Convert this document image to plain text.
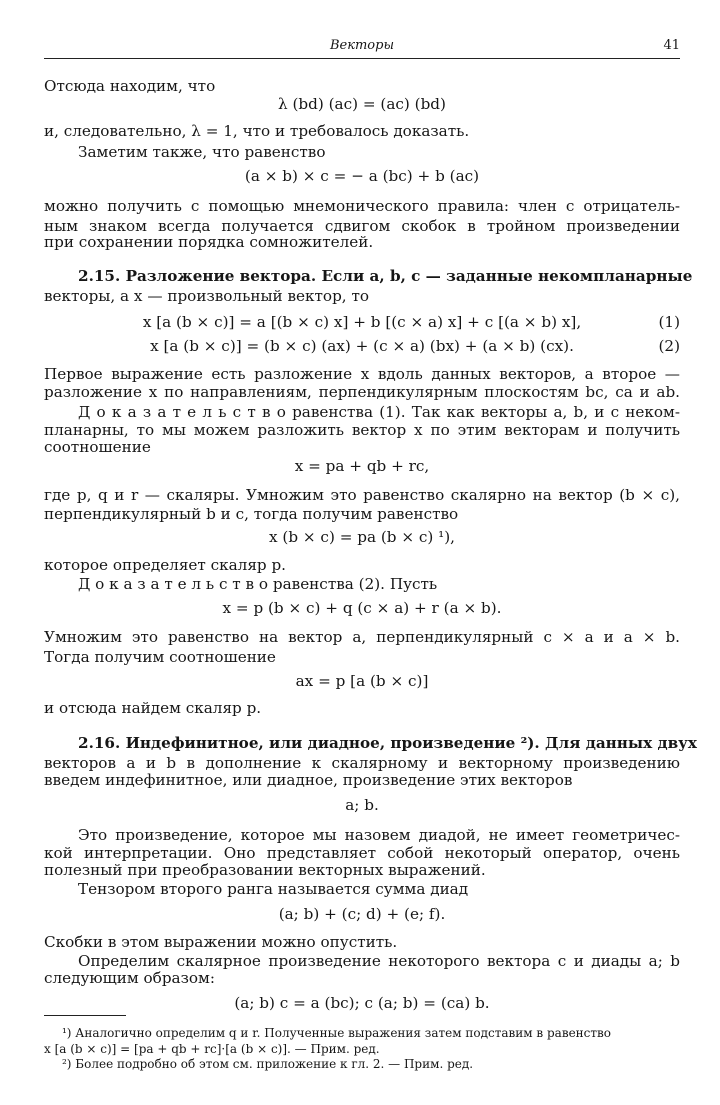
Векторы	41
Отсюда находим, что
λ (bd) (ac) = (ac) (bd)
и, следовательно, λ = 1, что и требовалось доказать.
Заметим также, что равенство
(a × b) × c = − a (bc) + b (ac)
можно получить с помощью мнемонического правила: член с отрицатель-
ным знаком всегда получается сдвигом скобок в тройном произведении
при сохранении порядка сомножителей.
2.15. Разложение вектора. Если a, b, c — заданные некомпланарные
векторы, а x — произвольный вектор, то
x [a (b × c)] = a [(b × c) x] + b [(c × a) x] + c [(a × b) x],	(1)
x [a (b × c)] = (b × c) (ax) + (c × a) (bx) + (a × b) (cx).	(2)
Первое выражение есть разложение x вдоль данных векторов, а второе —
разложение x по направлениям, перпендикулярным плоскостям bc, ca и ab.
Д о к а з а т е л ь с т в о равенства (1). Так как векторы a, b, и c неком-
планарны, то мы можем разложить вектор x по этим векторам и получить
соотношение
x = pa + qb + rc,
где p, q и r — скаляры. Умножим это равенство скалярно на вектор (b × c),
перпендикулярный b и c, тогда получим равенство
x (b × c) = pa (b × c) ¹),
которое определяет скаляр p.
Д о к а з а т е л ь с т в о равенства (2). Пусть
x = p (b × c) + q (c × a) + r (a × b).
Умножим это равенство на вектор a, перпендикулярный c × a и a × b.
Тогда получим соотношение
ax = p [a (b × c)]
и отсюда найдем скаляр p.
2.16. Индефинитное, или диадное, произведение ²). Для данных двух
векторов a и b в дополнение к скалярному и векторному произведению
введем индефинитное, или диадное, произведение этих векторов
a; b.
Это произведение, которое мы назовем диадой, не имеет геометричес-
кой интерпретации. Оно представляет собой некоторый оператор, очень
полезный при преобразовании векторных выражений.
Тензором второго ранга называется сумма диад
(a; b) + (c; d) + (e; f).
Скобки в этом выражении можно опустить.
Определим скалярное произведение некоторого вектора c и диады a; b
следующим образом:
(a; b) c = a (bc); c (a; b) = (ca) b.
¹) Аналогично определим q и r. Полученные выражения затем подставим в равенство
x [a (b × c)] = [pa + qb + rc]·[a (b × c)]. — Прим. ред.
²) Более подробно об этом см. приложение к гл. 2. — Прим. ред.
